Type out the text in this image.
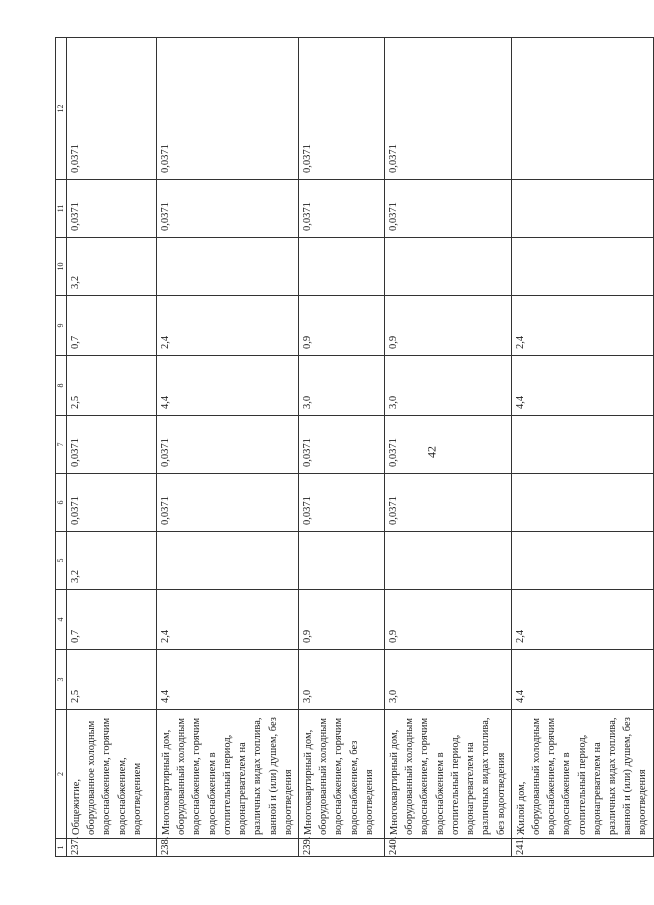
42
1	2	3	4	5	6	7	8	9	10	11	12
237.	Общежитие, оборудованное холодным водоснабжением, горячим водоснабжением, водоотведением	2,5	0,7	3,2	0,0371	0,0371	2,5	0,7	3,2	0,0371	0,0371
238.	Многоквартирный дом, оборудованный холодным водоснабжением, горячим водоснабжением в отопительный период, водонагревателем на различных видах топлива, ванной и (или) душем, без водоотведения	4,4	2,4		0,0371	0,0371	4,4	2,4		0,0371	0,0371
239.	Многоквартирный дом, оборудованный холодным водоснабжением, горячим водоснабжением, без водоотведения	3,0	0,9		0,0371	0,0371	3,0	0,9		0,0371	0,0371
240.	Многоквартирный дом, оборудованный холодным водоснабжением, горячим водоснабжением в отопительный период, водонагревателем на различных видах топлива, без водоотведения	3,0	0,9		0,0371	0,0371	3,0	0,9		0,0371	0,0371
241.	Жилой дом, оборудованный холодным водоснабжением, горячим водоснабжением в отопительный период, водонагревателем на различных видах топлива, ванной и (или) душем, без водоотведения	4,4	2,4				4,4	2,4			
